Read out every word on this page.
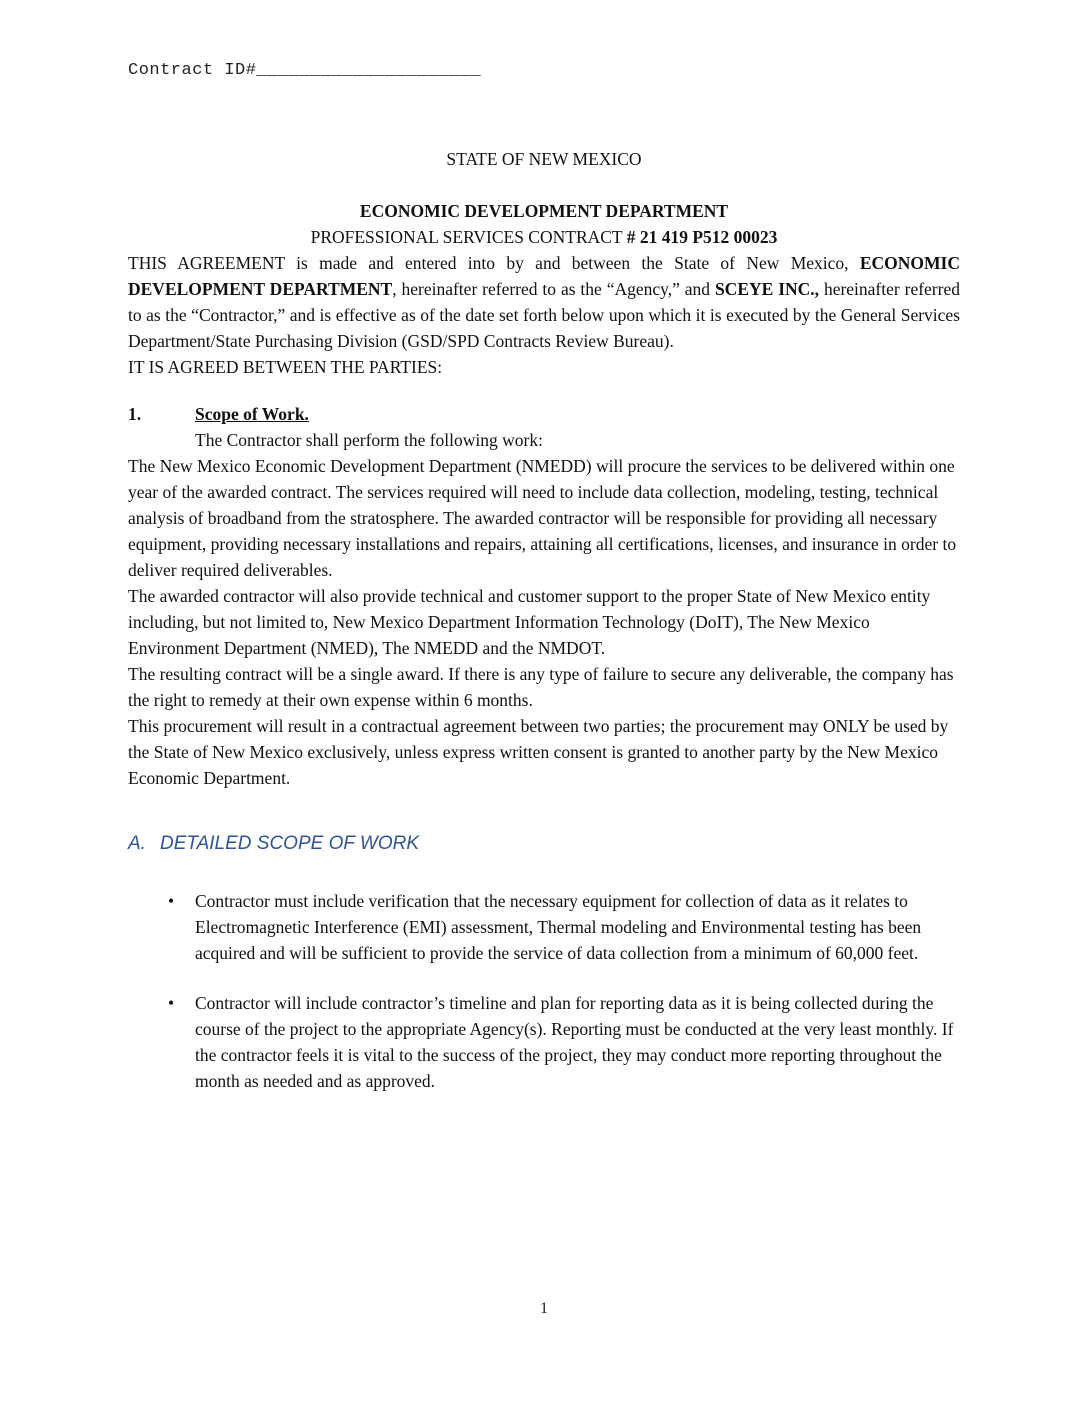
Contract ID#_____________________

STATE OF NEW MEXICO

ECONOMIC DEVELOPMENT DEPARTMENT

PROFESSIONAL SERVICES CONTRACT # 21 419 P512 00023

THIS AGREEMENT is made and entered into by and between the State of New Mexico, ECONOMIC DEVELOPMENT DEPARTMENT, hereinafter referred to as the “Agency,” and SCEYE INC., hereinafter referred to as the “Contractor,” and is effective as of the date set forth below upon which it is executed by the General Services Department/State Purchasing Division (GSD/SPD Contracts Review Bureau).

IT IS AGREED BETWEEN THE PARTIES:

1.	Scope of Work.
The Contractor shall perform the following work:

The New Mexico Economic Development Department (NMEDD) will procure the services to be delivered within one year of the awarded contract. The services required will need to include data collection, modeling, testing, technical analysis of broadband from the stratosphere. The awarded contractor will be responsible for providing all necessary equipment, providing necessary installations and repairs, attaining all certifications, licenses, and insurance in order to deliver required deliverables.

The awarded contractor will also provide technical and customer support to the proper State of New Mexico entity including, but not limited to, New Mexico Department Information Technology (DoIT), The New Mexico Environment Department (NMED), The NMEDD and the NMDOT.

The resulting contract will be a single award. If there is any type of failure to secure any deliverable, the company has the right to remedy at their own expense within 6 months.

This procurement will result in a contractual agreement between two parties; the procurement may ONLY be used by the State of New Mexico exclusively, unless express written consent is granted to another party by the New Mexico Economic Department.

A. DETAILED SCOPE OF WORK
• Contractor must include verification that the necessary equipment for collection of data as it relates to Electromagnetic Interference (EMI) assessment, Thermal modeling and Environmental testing has been acquired and will be sufficient to provide the service of data collection from a minimum of 60,000 feet.
• Contractor will include contractor’s timeline and plan for reporting data as it is being collected during the course of the project to the appropriate Agency(s). Reporting must be conducted at the very least monthly. If the contractor feels it is vital to the success of the project, they may conduct more reporting throughout the month as needed and as approved.
1
